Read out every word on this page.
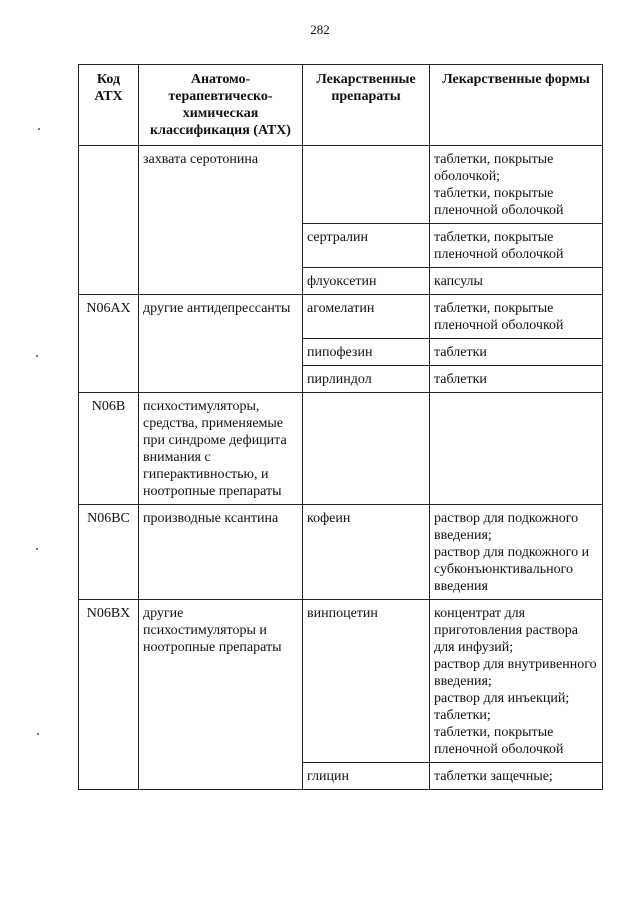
282
Код АТХ	Анатомо-терапевтическо-химическая классификация (АТХ)	Лекарственные препараты	Лекарственные формы
	захвата серотонина		таблетки, покрытые оболочкой;
таблетки, покрытые пленочной оболочкой

		сертралин	таблетки, покрытые пленочной оболочкой

		флуоксетин	капсулы

N06AX	другие антидепрессанты	агомелатин	таблетки, покрытые пленочной оболочкой

		пипофезин	таблетки

		пирлиндол	таблетки

N06B	психостимуляторы, средства, применяемые при синдроме дефицита внимания с гиперактивностью, и ноотропные препараты		
N06BC	производные ксантина	кофеин	раствор для подкожного введения;
раствор для подкожного и субконъюнктивального введения

N06BX	другие психостимуляторы и ноотропные препараты	винпоцетин	концентрат для приготовления раствора для инфузий;
раствор для внутривенного введения;
раствор для инъекций;
таблетки;
таблетки, покрытые пленочной оболочкой

		глицин	таблетки защечные;
